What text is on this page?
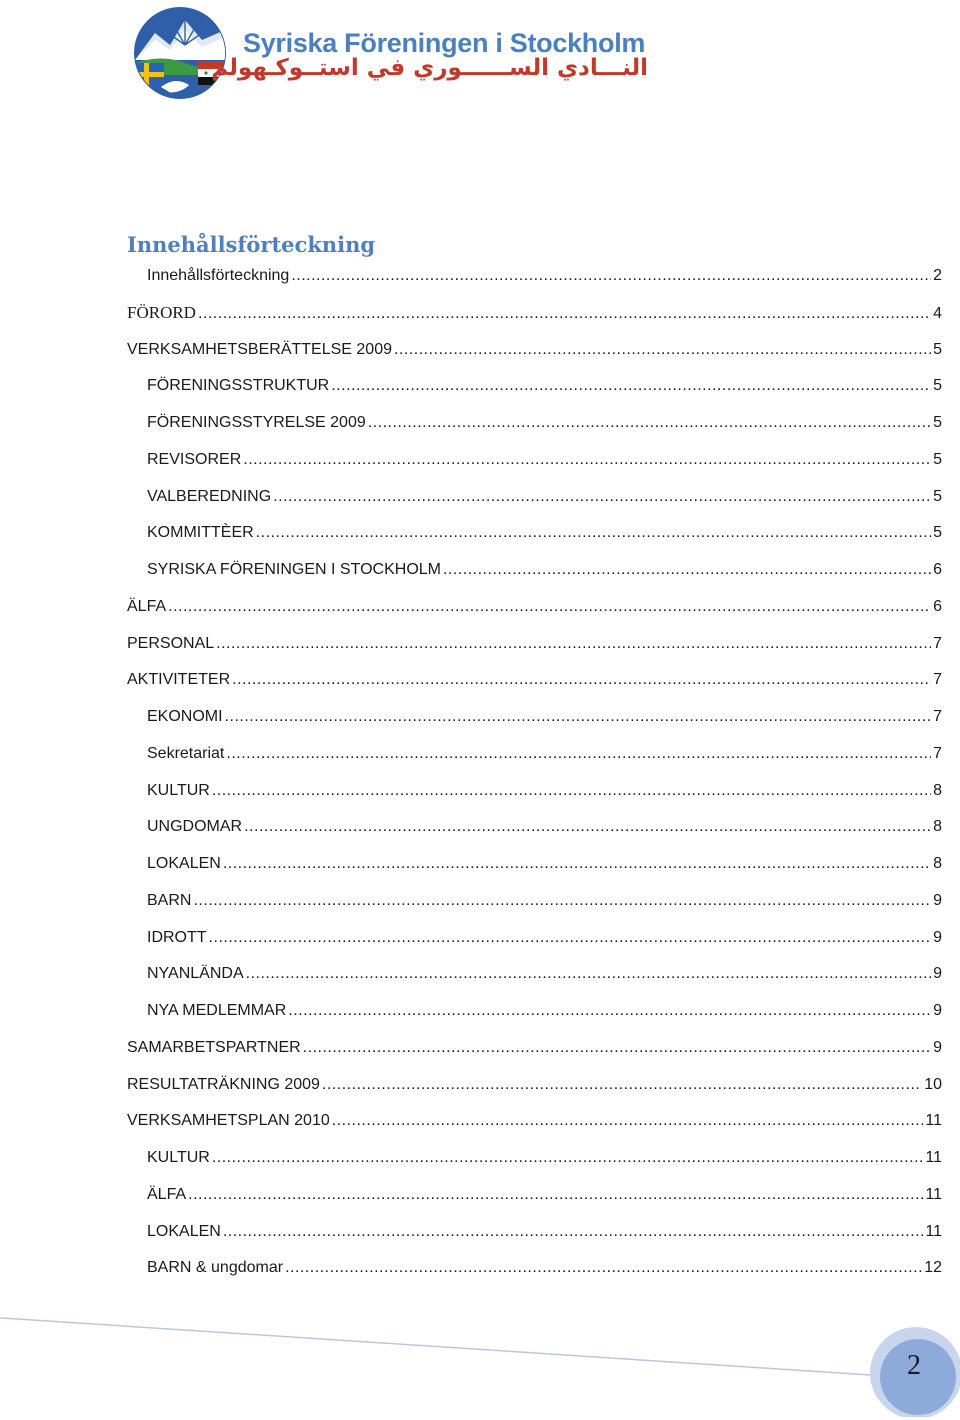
Syriska Föreningen i Stockholm
النـــادي الســــــوري في استــوكـهولم
Innehållsförteckning
Innehållsförteckning .....	2
FÖRORD .....	4
VERKSAMHETSBERÄTTELSE 2009 .....	5
FÖRENINGSSTRUKTUR .....	5
FÖRENINGSSTYRELSE 2009 .....	5
REVISORER .....	5
VALBEREDNING .....	5
KOMMITTÈER .....	5
SYRISKA FÖRENINGEN I STOCKHOLM .....	6
ÄLFA .....	6
PERSONAL .....	7
AKTIVITETER .....	7
EKONOMI .....	7
Sekretariat .....	7
KULTUR .....	8
UNGDOMAR .....	8
LOKALEN .....	8
BARN .....	9
IDROTT .....	9
NYANLÄNDA .....	9
NYA MEDLEMMAR .....	9
SAMARBETSPARTNER .....	9
RESULTATRÄKNING 2009 .....	10
VERKSAMHETSPLAN 2010 .....	11
KULTUR .....	11
ÄLFA .....	11
LOKALEN .....	11
BARN & ungdomar .....	12
2
